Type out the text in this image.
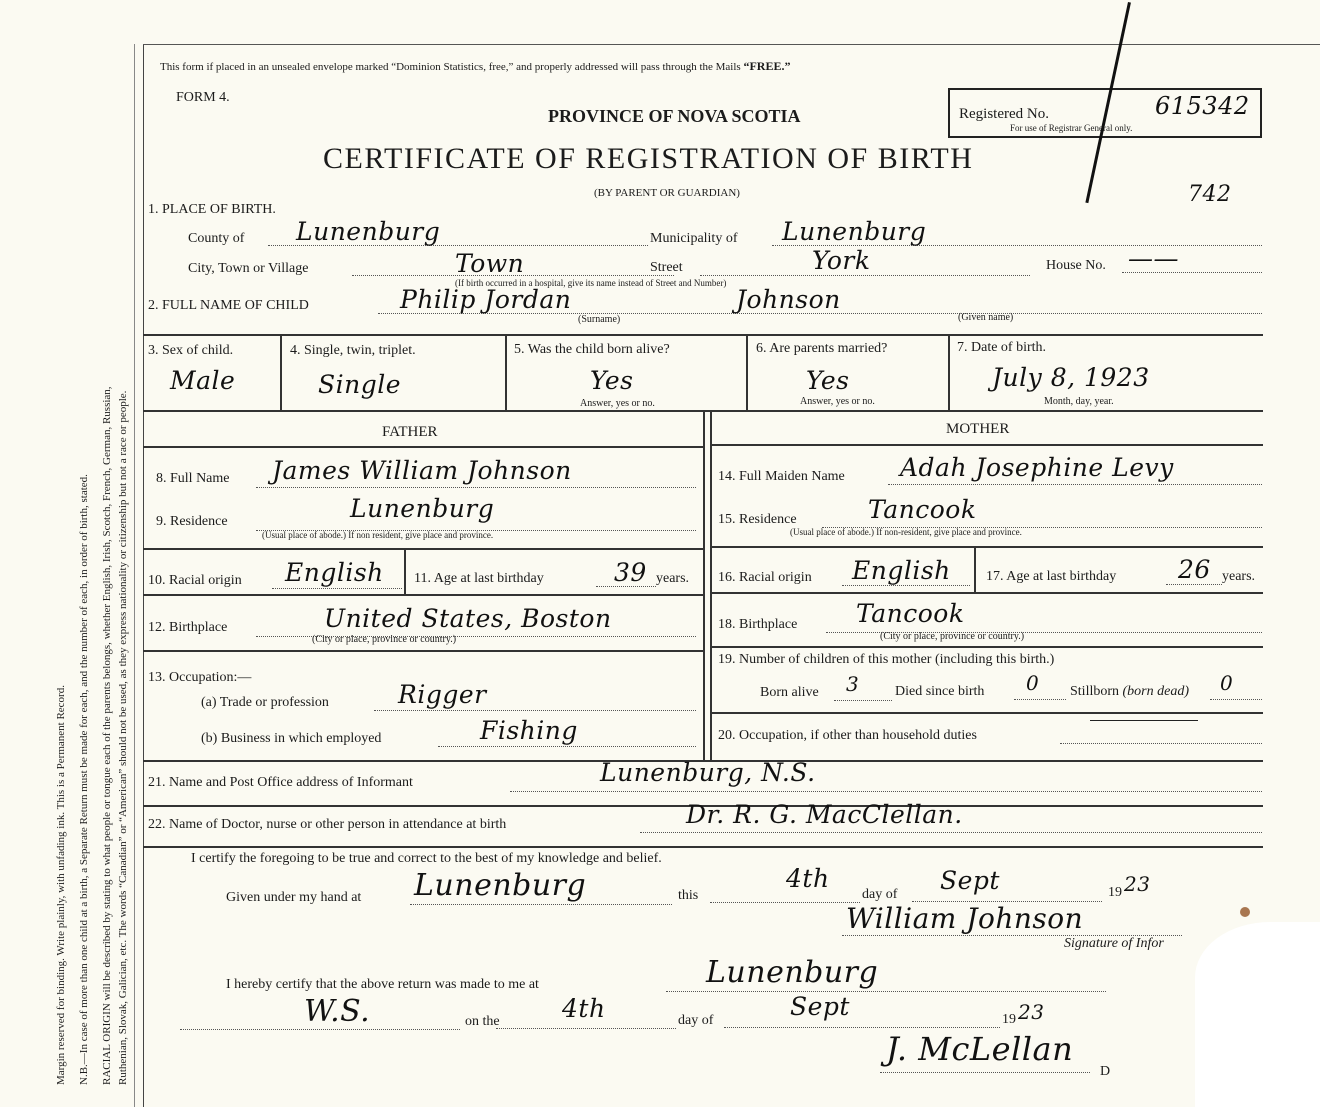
Margin reserved for binding. Write plainly, with unfading ink. This is a Permanent Record. N.B.—In case of more than one child at a birth, a Separate Return must be made for each, and the number of each, in order of birth, stated. RACIAL ORIGIN will be described by stating to what people or tongue each of the parents belongs, whether English, Irish, Scotch, French, German, Russian, Ruthenian, Slovak, Galician, etc. The words “Canadian” or “American” should not be used, as they express nationality or citizenship but not a race or people.
This form if placed in an unsealed envelope marked “Dominion Statistics, free,” and properly addressed will pass through the Mails “FREE.”
FORM 4.
PROVINCE OF NOVA SCOTIA
CERTIFICATE OF REGISTRATION OF BIRTH
(BY PARENT OR GUARDIAN)
Registered No.	615342
For use of Registrar General only.
742
1. PLACE OF BIRTH.
County of Lunenburg	Municipality of Lunenburg
City, Town or Village	Town	Street	York
(If birth occurred in a hospital, give its name instead of Street and Number)
House No. ——
2. FULL NAME OF CHILD	Philip Jordan	Johnson
(Surname)	(Given name)
3. Sex of child.
Male
4. Single, twin, triplet.
Single
5. Was the child born alive?
Yes
Answer, yes or no.
6. Are parents married?
Yes
Answer, yes or no.
7. Date of birth.
July 8, 1923
Month, day, year.
FATHER	MOTHER
8. Full Name James William Johnson
9. Residence	Lunenburg
(Usual place of abode.) If non resident, give place and province.
10. Racial origin English 11. Age at last birthday	39 years.
12. Birthplace	United States, Boston
(City or place, province or country.)
13. Occupation:—
(a) Trade or profession	Rigger
(b) Business in which employed	Fishing
14. Full Maiden Name Adah Josephine Levy
15. Residence	Tancook
(Usual place of abode.) If non-resident, give place and province.
16. Racial origin English	17. Age at last birthday 26 years.
18. Birthplace Tancook
(City or place, province or country.)
19. Number of children of this mother (including this birth.)
Born alive 3	Died since birth 0 Stillborn (born dead) 0
20. Occupation, if other than household duties
21. Name and Post Office address of Informant	Lunenburg, N.S.
22. Name of Doctor, nurse or other person in attendance at birth	Dr. R. G. MacClellan.
I certify the foregoing to be true and correct to the best of my knowledge and belief.
Given under my hand at Lunenburg	this
4th
day of Sept	19 23
William Johnson
Signature of Infor
I hereby certify that the above return was made to me at	Lunenburg
W.S.	on the 4th	day of	Sept	19 23
J. McLellan
D
